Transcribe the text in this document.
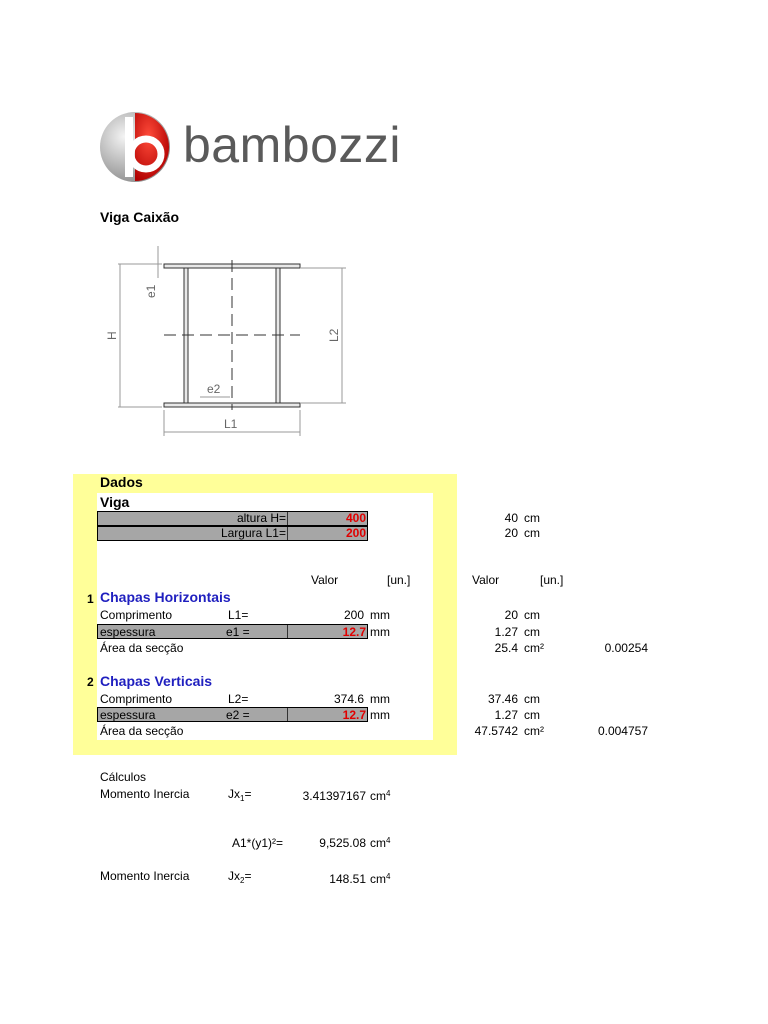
bambozzi
Viga Caixão
e1
H
e2
L2
L1
Dados
Viga
altura H=	400	40 cm
Largura L1=	200	20 cm
Valor	[un.]	Valor	[un.]
1 Chapas Horizontais
Comprimento	L1=	200 mm	20 cm
espessura	e1 =	12.7 mm	1.27 cm
Área da secção	25.4 cm²	0.00254
2 Chapas Verticais
Comprimento	L2=	374.6 mm	37.46 cm
espessura	e2 =	12.7 mm	1.27 cm
Área da secção	47.5742 cm²	0.004757
Cálculos
Momento Inercia	$Jx_1=$	3.41397167 $cm^4$
A1*(y1)²=	9,525.08 $cm^4$
Momento Inercia	$Jx_2=$	148.51 $cm^4$
